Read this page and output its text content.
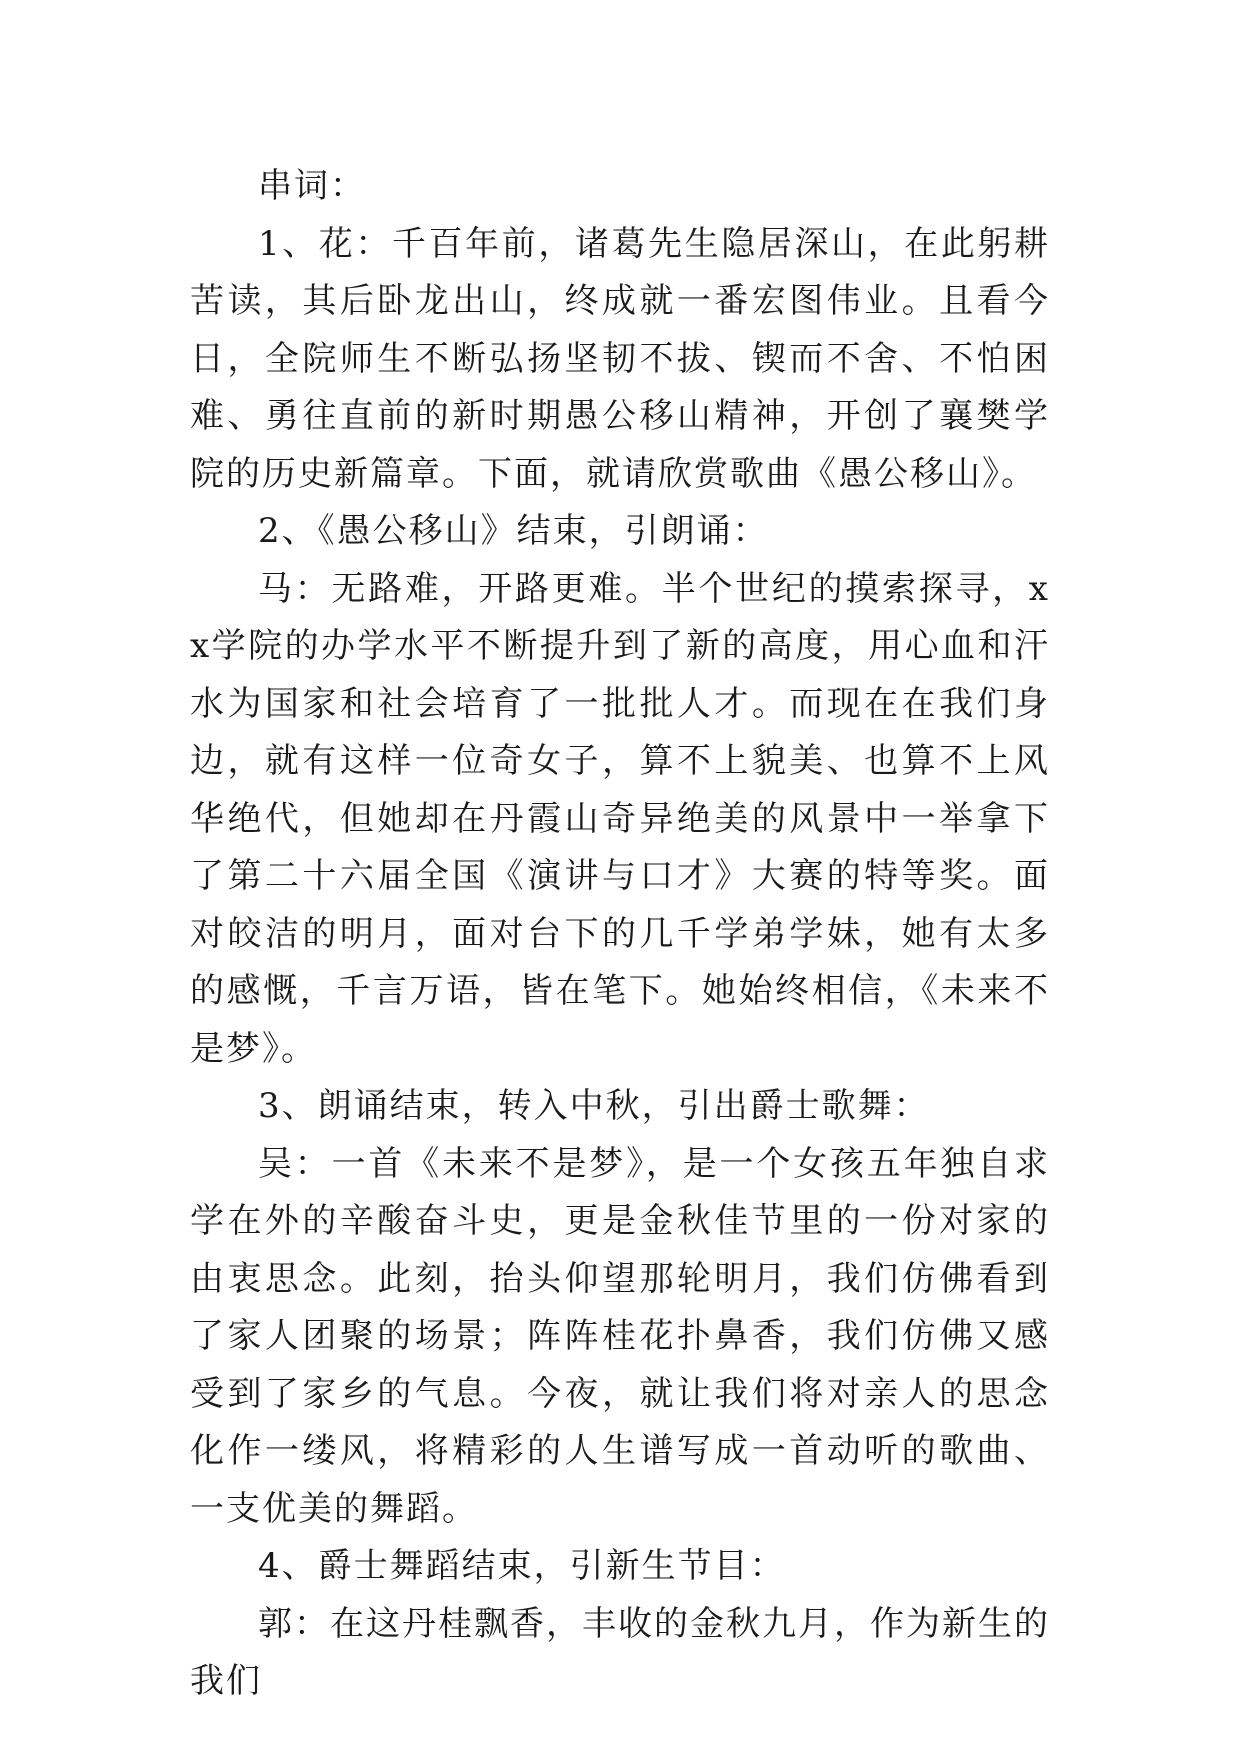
串词：

1、花：千百年前，诸葛先生隐居深山，在此躬耕苦读，其后卧龙出山，终成就一番宏图伟业。且看今日，全院师生不断弘扬坚韧不拔、锲而不舍、不怕困难、勇往直前的新时期愚公移山精神，开创了襄樊学院的历史新篇章。下面，就请欣赏歌曲《愚公移山》。

2、《愚公移山》结束，引朗诵：

马：无路难，开路更难。半个世纪的摸索探寻，xx学院的办学水平不断提升到了新的高度，用心血和汗水为国家和社会培育了一批批人才。而现在在我们身边，就有这样一位奇女子，算不上貌美、也算不上风华绝代，但她却在丹霞山奇异绝美的风景中一举拿下了第二十六届全国《演讲与口才》大赛的特等奖。面对皎洁的明月，面对台下的几千学弟学妹，她有太多的感慨，千言万语，皆在笔下。她始终相信，《未来不是梦》。

3、朗诵结束，转入中秋，引出爵士歌舞：

吴：一首《未来不是梦》，是一个女孩五年独自求学在外的辛酸奋斗史，更是金秋佳节里的一份对家的由衷思念。此刻，抬头仰望那轮明月，我们仿佛看到了家人团聚的场景；阵阵桂花扑鼻香，我们仿佛又感受到了家乡的气息。今夜，就让我们将对亲人的思念化作一缕风，将精彩的人生谱写成一首动听的歌曲、一支优美的舞蹈。

4、爵士舞蹈结束，引新生节目：

郭：在这丹桂飘香，丰收的金秋九月，作为新生的我们
